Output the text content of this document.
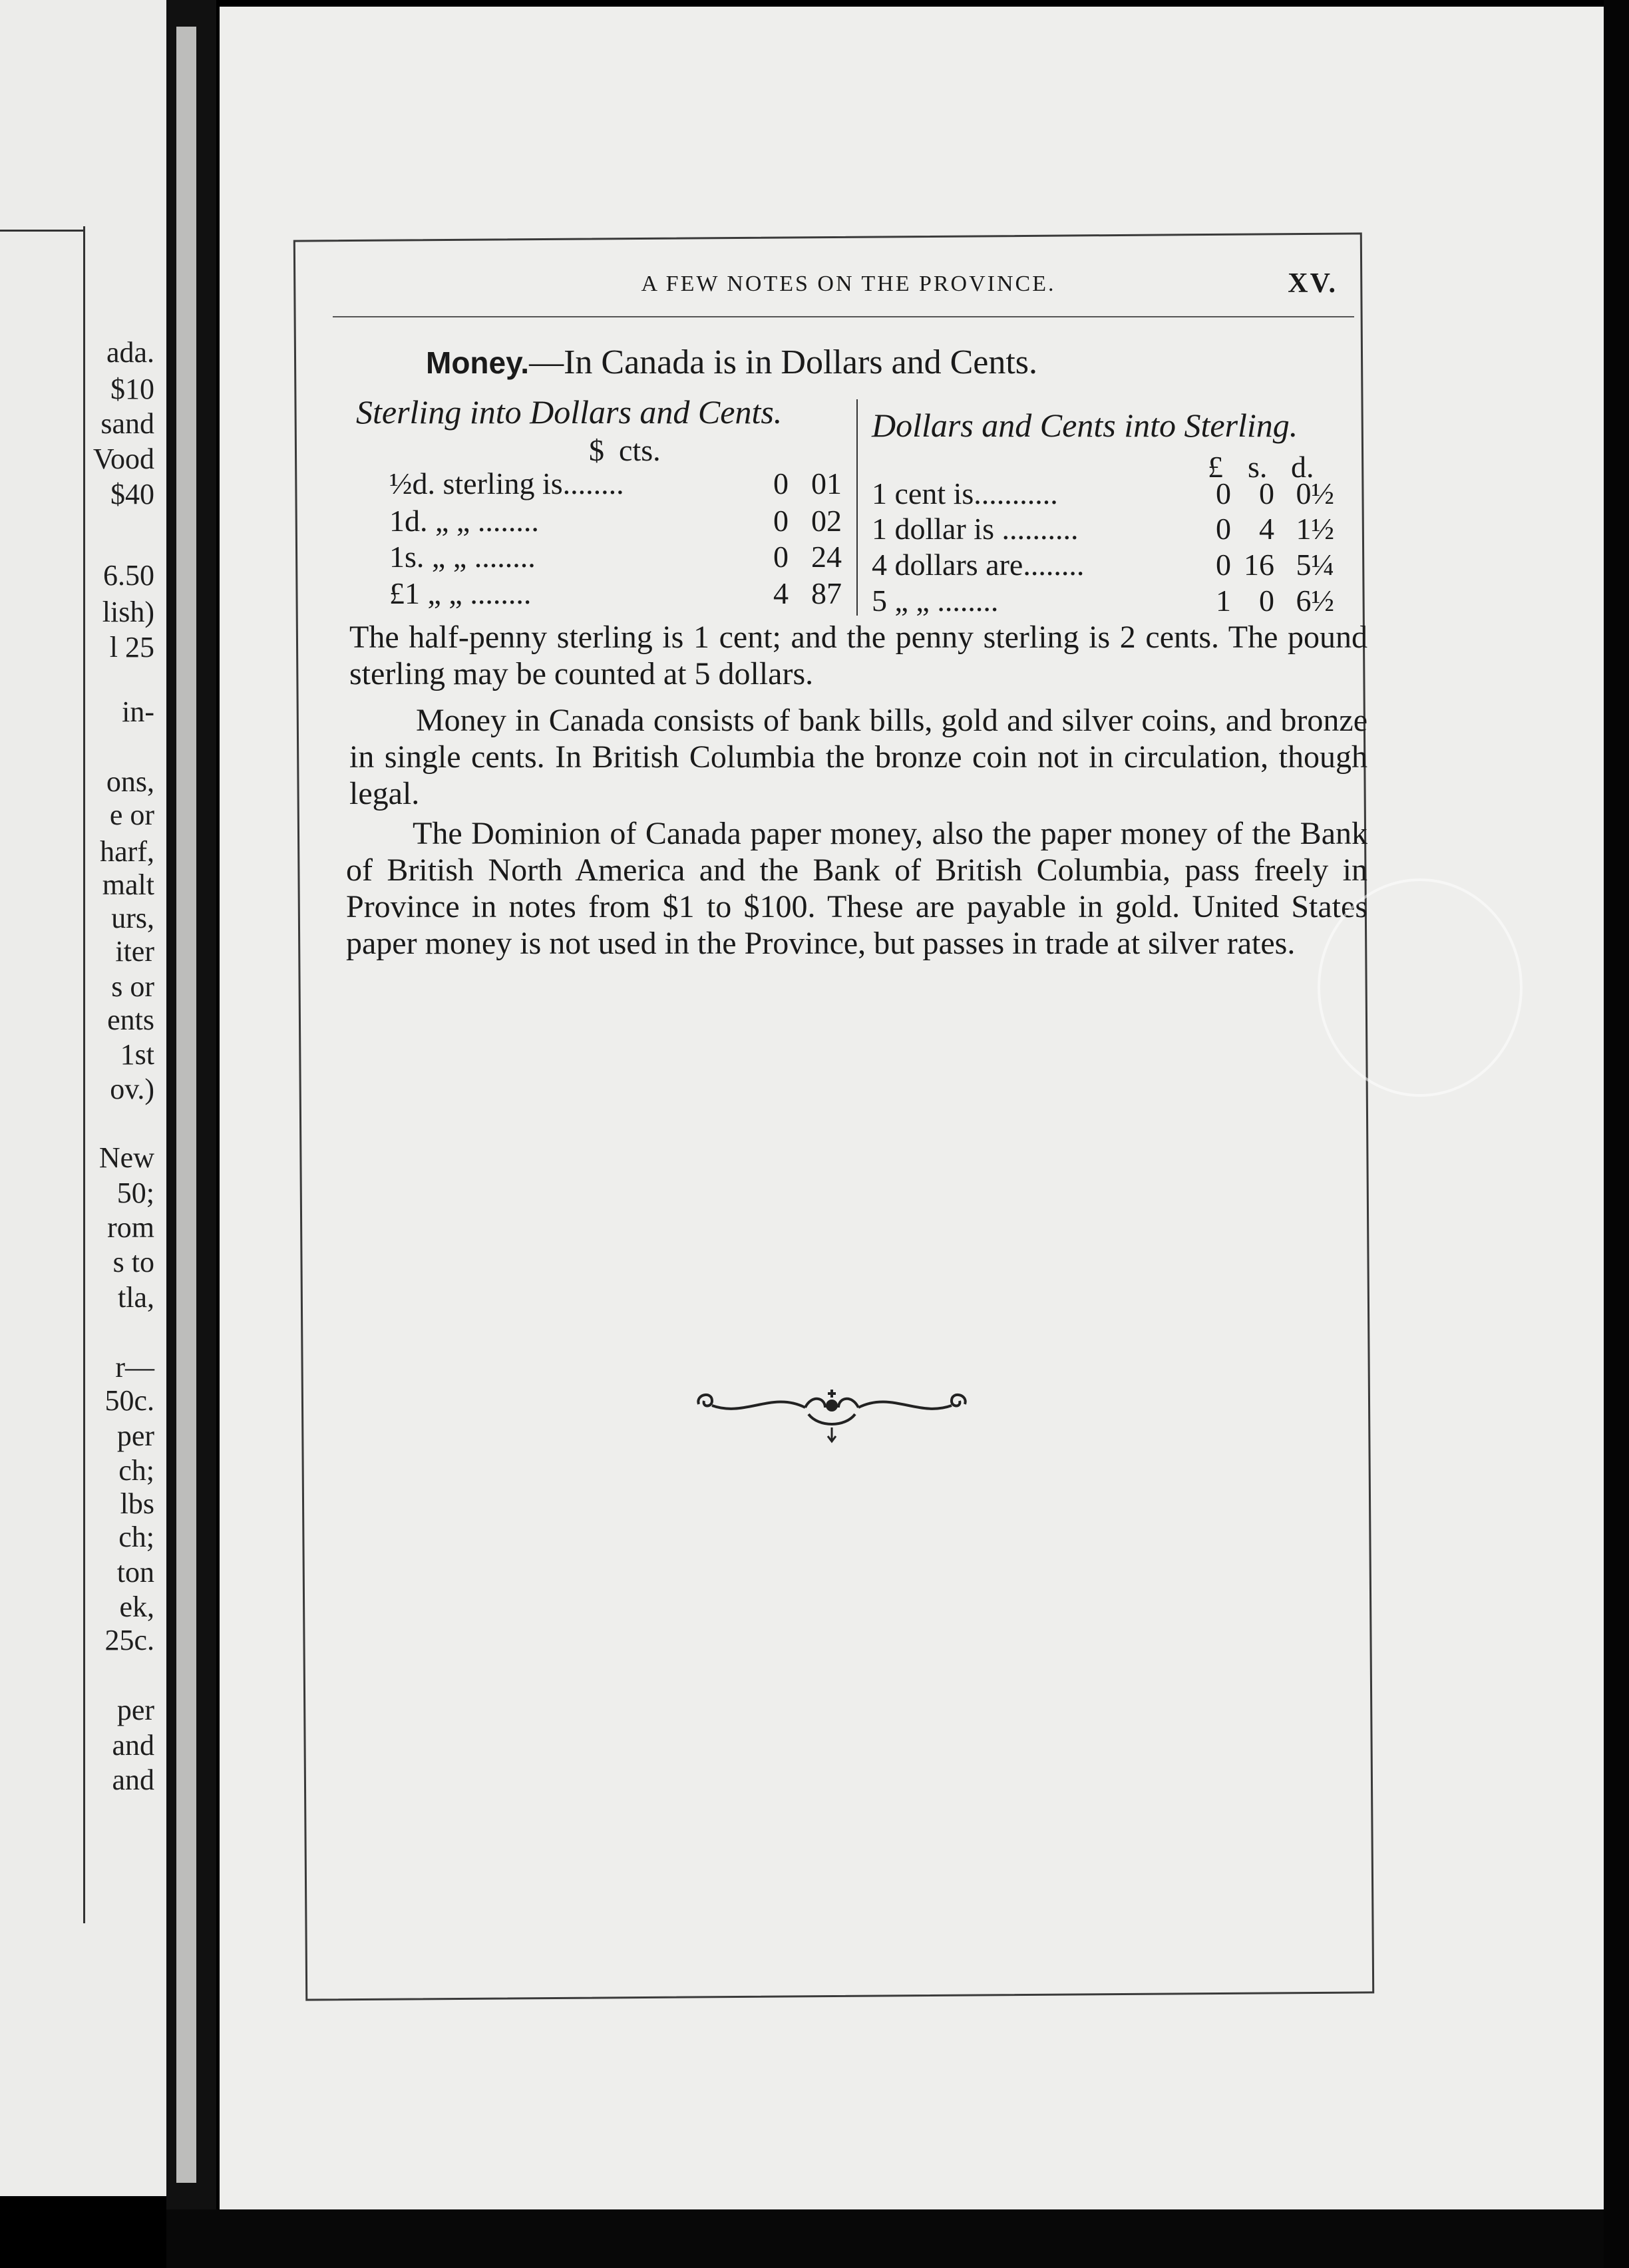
ada.
$10
sand
Vood
$40
6.50
lish)
l 25
in-
ons,
e or
harf,
malt
urs,
iter
s or
ents
1st
ov.)
New
50;
rom
s to
tla,
r—
50c.
per
ch;
lbs
ch;
ton
ek,
25c.
per
and
and
A FEW NOTES ON THE PROVINCE.	XV.
Money.—In Canada is in Dollars and Cents.
Sterling into Dollars and Cents.	Dollars and Cents into Sterling.
$ cts.
½d. sterling is........	0 01
1d. „ „ ........	0 02
1s. „ „ ........	0 24
£1 „ „ ........	4 87
£ s. d.
1 cent is...........	0 0 0½
1 dollar is ..........	0 4 1½
4 dollars are........	0 16 5¼
5 „ „ ........	1 0 6½
The half-penny sterling is 1 cent; and the penny sterling is 2 cents. The pound sterling may be counted at 5 dollars.
Money in Canada consists of bank bills, gold and silver coins, and bronze in single cents. In British Columbia the bronze coin not in circulation, though legal.
The Dominion of Canada paper money, also the paper money of the Bank of British North America and the Bank of British Columbia, pass freely in Province in notes from $1 to $100. These are payable in gold. United States paper money is not used in the Province, but passes in trade at silver rates.
